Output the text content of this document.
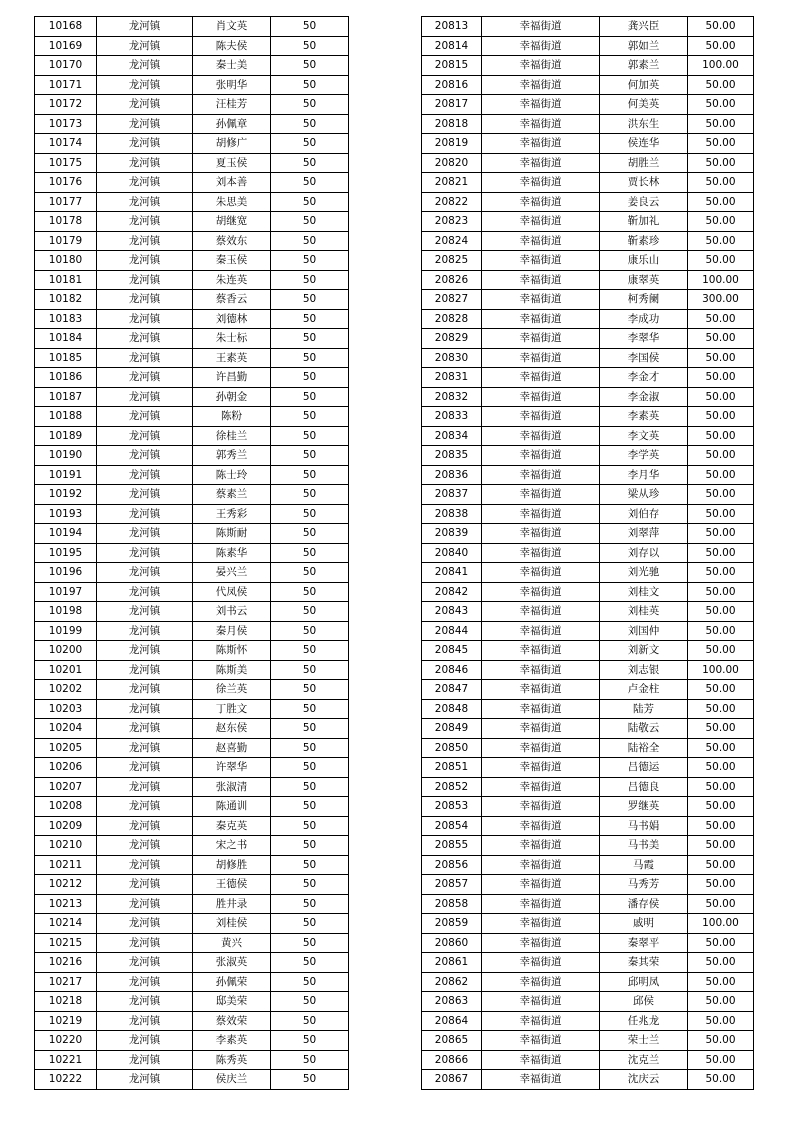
10168	龙河镇	肖文英	50
10169	龙河镇	陈夫侯	50
10170	龙河镇	秦士美	50
10171	龙河镇	张明华	50
10172	龙河镇	汪桂芳	50
10173	龙河镇	孙佩章	50
10174	龙河镇	胡修广	50
10175	龙河镇	夏玉侯	50
10176	龙河镇	刘本善	50
10177	龙河镇	朱思美	50
10178	龙河镇	胡继宽	50
10179	龙河镇	蔡效东	50
10180	龙河镇	秦玉侯	50
10181	龙河镇	朱连英	50
10182	龙河镇	蔡香云	50
10183	龙河镇	刘德林	50
10184	龙河镇	朱士标	50
10185	龙河镇	王素英	50
10186	龙河镇	许昌勤	50
10187	龙河镇	孙朝金	50
10188	龙河镇	陈粉	50
10189	龙河镇	徐桂兰	50
10190	龙河镇	郭秀兰	50
10191	龙河镇	陈士玲	50
10192	龙河镇	蔡素兰	50
10193	龙河镇	王秀彩	50
10194	龙河镇	陈斯耐	50
10195	龙河镇	陈素华	50
10196	龙河镇	晏兴兰	50
10197	龙河镇	代凤侯	50
10198	龙河镇	刘书云	50
10199	龙河镇	秦月侯	50
10200	龙河镇	陈斯怀	50
10201	龙河镇	陈斯美	50
10202	龙河镇	徐兰英	50
10203	龙河镇	丁胜文	50
10204	龙河镇	赵东侯	50
10205	龙河镇	赵喜勤	50
10206	龙河镇	许翠华	50
10207	龙河镇	张淑清	50
10208	龙河镇	陈通训	50
10209	龙河镇	秦克英	50
10210	龙河镇	宋之书	50
10211	龙河镇	胡修胜	50
10212	龙河镇	王德侯	50
10213	龙河镇	胜井录	50
10214	龙河镇	刘桂侯	50
10215	龙河镇	黄兴	50
10216	龙河镇	张淑英	50
10217	龙河镇	孙佩荣	50
10218	龙河镇	邸美荣	50
10219	龙河镇	蔡效荣	50
10220	龙河镇	李素英	50
10221	龙河镇	陈秀英	50
10222	龙河镇	侯庆兰	50
20813	幸福街道	龚兴臣	50.00
20814	幸福街道	郭如兰	50.00
20815	幸福街道	郭素兰	100.00
20816	幸福街道	何加英	50.00
20817	幸福街道	何美英	50.00
20818	幸福街道	洪东生	50.00
20819	幸福街道	侯连华	50.00
20820	幸福街道	胡胜兰	50.00
20821	幸福街道	贾长林	50.00
20822	幸福街道	姜良云	50.00
20823	幸福街道	靳加礼	50.00
20824	幸福街道	靳素珍	50.00
20825	幸福街道	康乐山	50.00
20826	幸福街道	康翠英	100.00
20827	幸福街道	柯秀阑	300.00
20828	幸福街道	李成功	50.00
20829	幸福街道	李翠华	50.00
20830	幸福街道	李国侯	50.00
20831	幸福街道	李金才	50.00
20832	幸福街道	李金淑	50.00
20833	幸福街道	李素英	50.00
20834	幸福街道	李文英	50.00
20835	幸福街道	李学英	50.00
20836	幸福街道	李月华	50.00
20837	幸福街道	梁从珍	50.00
20838	幸福街道	刘伯存	50.00
20839	幸福街道	刘翠萍	50.00
20840	幸福街道	刘存以	50.00
20841	幸福街道	刘光驰	50.00
20842	幸福街道	刘桂文	50.00
20843	幸福街道	刘桂英	50.00
20844	幸福街道	刘国仲	50.00
20845	幸福街道	刘新文	50.00
20846	幸福街道	刘志银	100.00
20847	幸福街道	卢金柱	50.00
20848	幸福街道	陆芳	50.00
20849	幸福街道	陆敬云	50.00
20850	幸福街道	陆裕全	50.00
20851	幸福街道	吕德运	50.00
20852	幸福街道	吕德良	50.00
20853	幸福街道	罗继英	50.00
20854	幸福街道	马书娟	50.00
20855	幸福街道	马书美	50.00
20856	幸福街道	马霞	50.00
20857	幸福街道	马秀芳	50.00
20858	幸福街道	潘存侯	50.00
20859	幸福街道	戚明	100.00
20860	幸福街道	秦翠平	50.00
20861	幸福街道	秦其荣	50.00
20862	幸福街道	邱明凤	50.00
20863	幸福街道	邱侯	50.00
20864	幸福街道	任兆龙	50.00
20865	幸福街道	荣士兰	50.00
20866	幸福街道	沈克兰	50.00
20867	幸福街道	沈庆云	50.00
